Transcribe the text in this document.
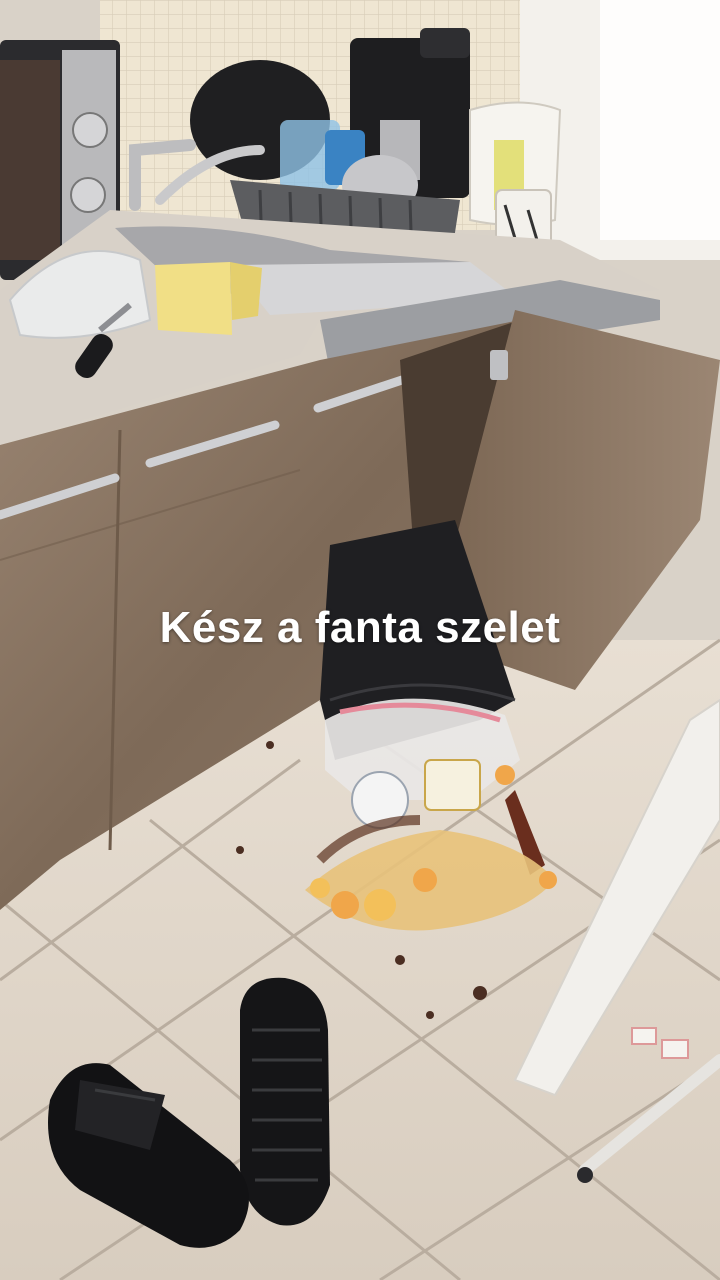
Kész a fanta szelet
